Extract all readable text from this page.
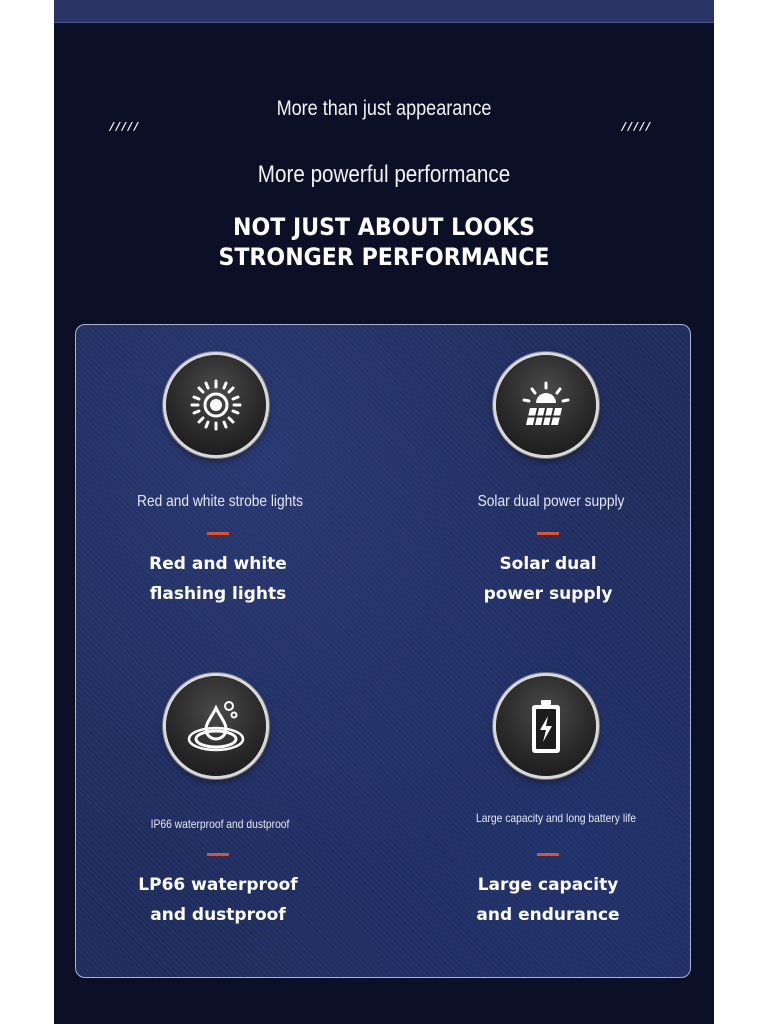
/////	/////
More than just appearance
More powerful performance
NOT JUST ABOUT LOOKS
STRONGER PERFORMANCE
Red and white strobe lights
Red and white
flashing lights
Solar dual power supply
Solar dual
power supply
IP66 waterproof and dustproof
LP66 waterproof
and dustproof
Large capacity and long battery life
Large capacity
and endurance
